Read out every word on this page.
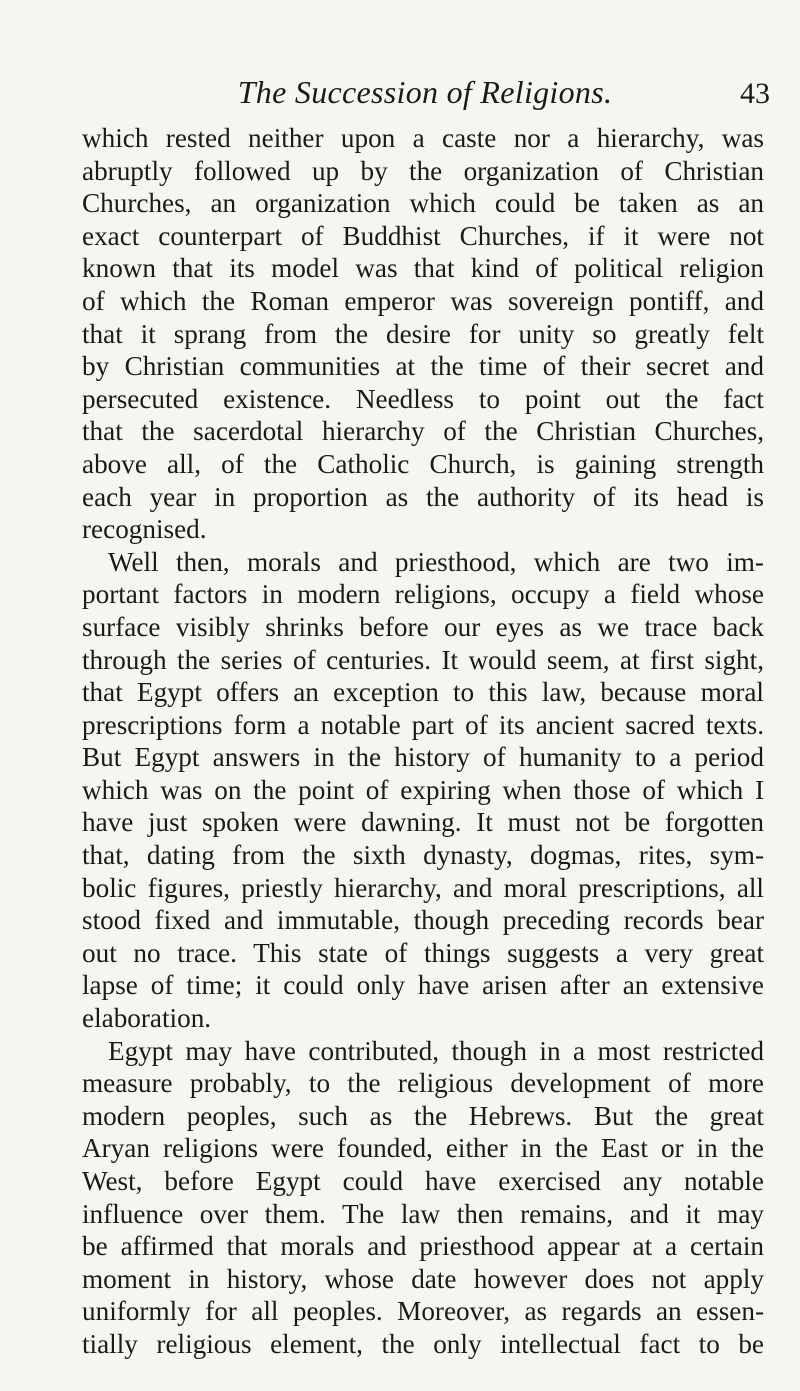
The Succession of Religions.	43
which rested neither upon a caste nor a hierarchy, was
abruptly followed up by the organization of Christian
Churches, an organization which could be taken as an
exact counterpart of Buddhist Churches, if it were not
known that its model was that kind of political religion
of which the Roman emperor was sovereign pontiff, and
that it sprang from the desire for unity so greatly felt
by Christian communities at the time of their secret and
persecuted existence. Needless to point out the fact
that the sacerdotal hierarchy of the Christian Churches,
above all, of the Catholic Church, is gaining strength
each year in proportion as the authority of its head is
recognised.
Well then, morals and priesthood, which are two im-
portant factors in modern religions, occupy a field whose
surface visibly shrinks before our eyes as we trace back
through the series of centuries. It would seem, at first sight,
that Egypt offers an exception to this law, because moral
prescriptions form a notable part of its ancient sacred texts.
But Egypt answers in the history of humanity to a period
which was on the point of expiring when those of which I
have just spoken were dawning. It must not be forgotten
that, dating from the sixth dynasty, dogmas, rites, sym-
bolic figures, priestly hierarchy, and moral prescriptions, all
stood fixed and immutable, though preceding records bear
out no trace. This state of things suggests a very great
lapse of time; it could only have arisen after an extensive
elaboration.
Egypt may have contributed, though in a most restricted
measure probably, to the religious development of more
modern peoples, such as the Hebrews. But the great
Aryan religions were founded, either in the East or in the
West, before Egypt could have exercised any notable
influence over them. The law then remains, and it may
be affirmed that morals and priesthood appear at a certain
moment in history, whose date however does not apply
uniformly for all peoples. Moreover, as regards an essen-
tially religious element, the only intellectual fact to be
